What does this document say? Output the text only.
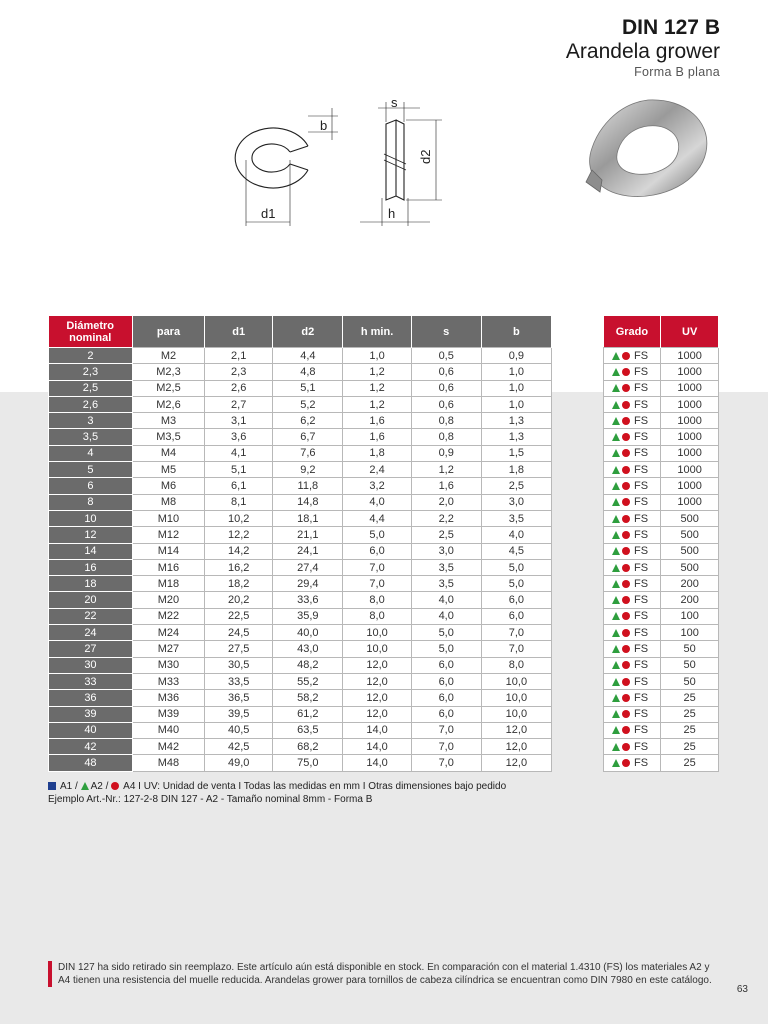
DIN 127 B
Arandela grower
Forma B plana
b
d1
s
d2
h
Diámetro nominal	para	d1	d2	h min.	s	b
2	M2	2,1	4,4	1,0	0,5	0,9
2,3	M2,3	2,3	4,8	1,2	0,6	1,0
2,5	M2,5	2,6	5,1	1,2	0,6	1,0
2,6	M2,6	2,7	5,2	1,2	0,6	1,0
3	M3	3,1	6,2	1,6	0,8	1,3
3,5	M3,5	3,6	6,7	1,6	0,8	1,3
4	M4	4,1	7,6	1,8	0,9	1,5
5	M5	5,1	9,2	2,4	1,2	1,8
6	M6	6,1	11,8	3,2	1,6	2,5
8	M8	8,1	14,8	4,0	2,0	3,0
10	M10	10,2	18,1	4,4	2,2	3,5
12	M12	12,2	21,1	5,0	2,5	4,0
14	M14	14,2	24,1	6,0	3,0	4,5
16	M16	16,2	27,4	7,0	3,5	5,0
18	M18	18,2	29,4	7,0	3,5	5,0
20	M20	20,2	33,6	8,0	4,0	6,0
22	M22	22,5	35,9	8,0	4,0	6,0
24	M24	24,5	40,0	10,0	5,0	7,0
27	M27	27,5	43,0	10,0	5,0	7,0
30	M30	30,5	48,2	12,0	6,0	8,0
33	M33	33,5	55,2	12,0	6,0	10,0
36	M36	36,5	58,2	12,0	6,0	10,0
39	M39	39,5	61,2	12,0	6,0	10,0
40	M40	40,5	63,5	14,0	7,0	12,0
42	M42	42,5	68,2	14,0	7,0	12,0
48	M48	49,0	75,0	14,0	7,0	12,0
Grado	UV
FS	1000
FS	1000
FS	1000
FS	1000
FS	1000
FS	1000
FS	1000
FS	1000
FS	1000
FS	1000
FS	500
FS	500
FS	500
FS	500
FS	200
FS	200
FS	100
FS	100
FS	50
FS	50
FS	50
FS	25
FS	25
FS	25
FS	25
FS	25
A1 / A2 / A4 I UV: Unidad de venta I Todas las medidas en mm I Otras dimensiones bajo pedido
Ejemplo Art.-Nr.: 127-2-8 DIN 127 - A2 - Tamaño nominal 8mm - Forma B
DIN 127 ha sido retirado sin reemplazo. Este artículo aún está disponible en stock. En comparación con el material 1.4310 (FS) los materiales A2 y A4 tienen una resistencia del muelle reducida. Arandelas grower para tornillos de cabeza cilíndrica se encuentran como DIN 7980 en este catálogo.
63
